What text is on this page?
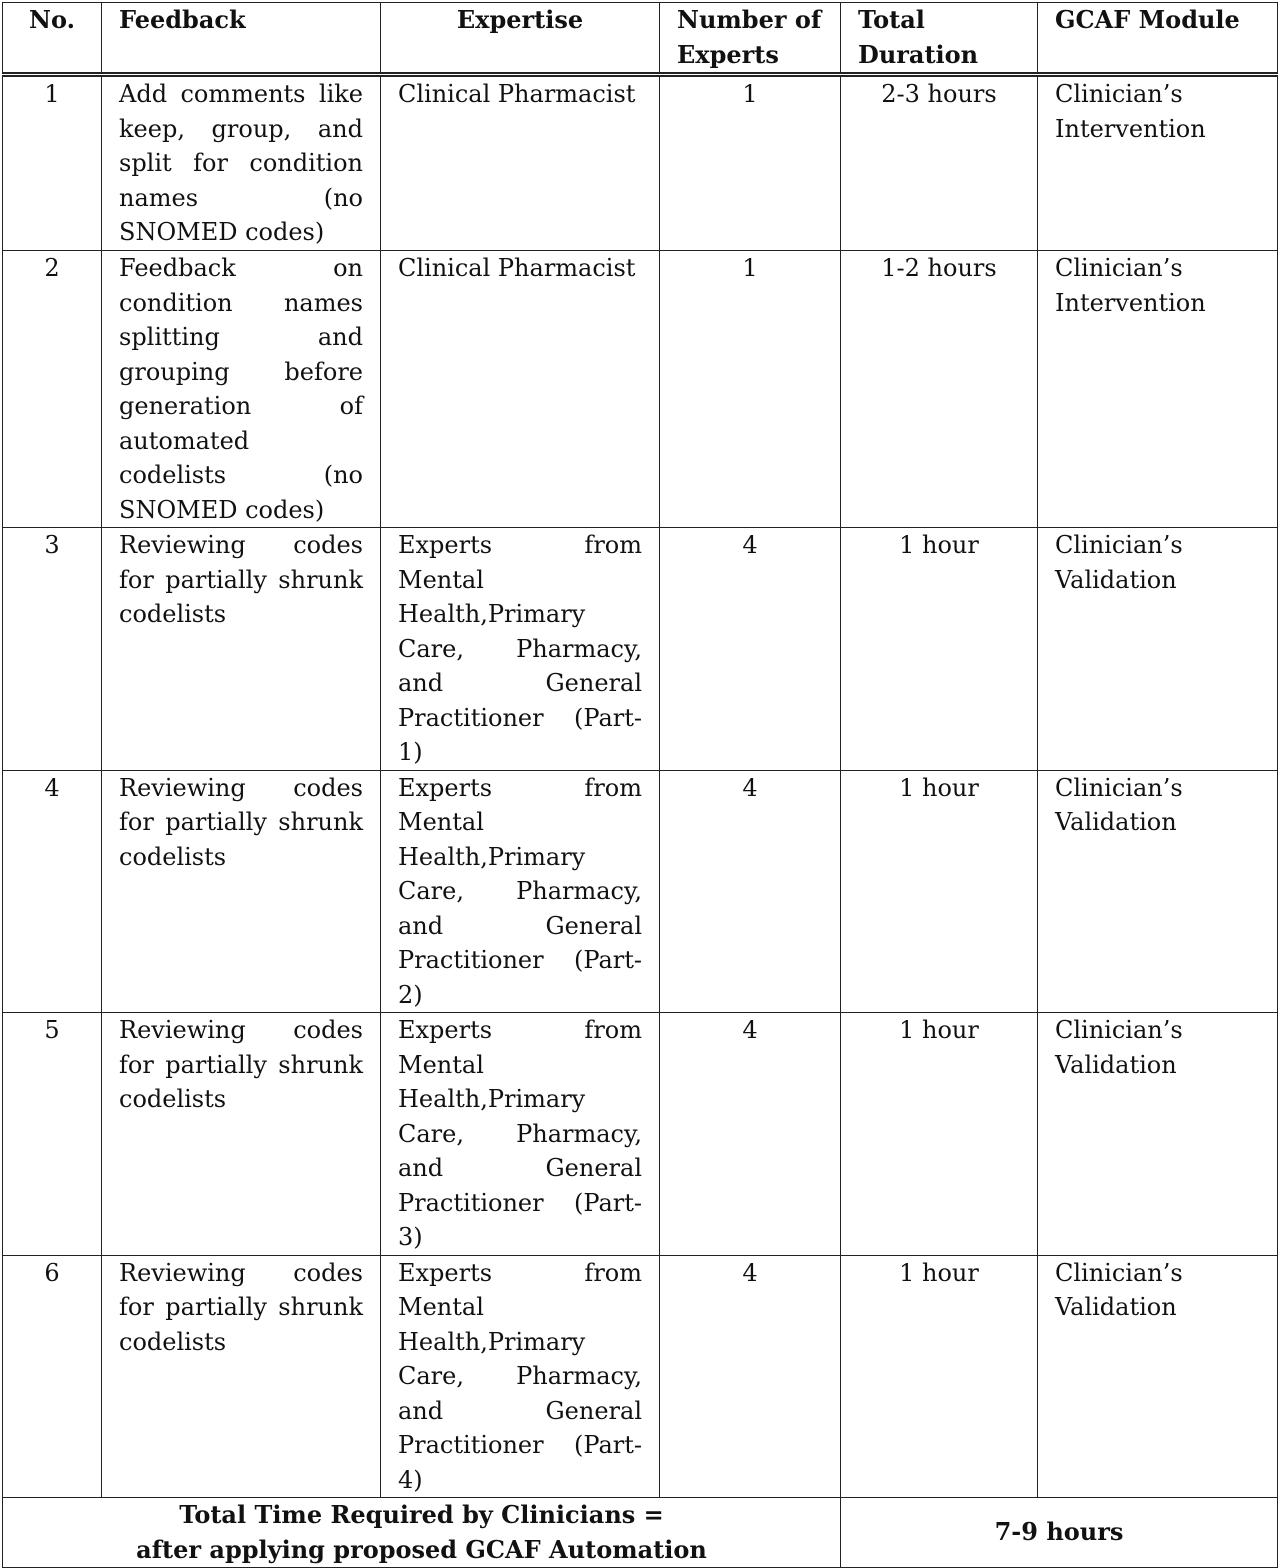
No.	Feedback	Expertise	Number of Experts	Total Duration	GCAF Module
1	Add comments like keep, group, and split for condition names (no SNOMED codes)	Clinical Pharmacist	1	2-3 hours	Clinician’s Intervention
2	Feedback on condition names splitting and grouping before generation of automated codelists (no SNOMED codes)	Clinical Pharmacist	1	1-2 hours	Clinician’s Intervention
3	Reviewing codes for partially shrunk codelists	Experts from Mental Health,Primary Care, Pharmacy, and General Practitioner (Part-1)	4	1 hour	Clinician’s Validation
4	Reviewing codes for partially shrunk codelists	Experts from Mental Health,Primary Care, Pharmacy, and General Practitioner (Part-2)	4	1 hour	Clinician’s Validation
5	Reviewing codes for partially shrunk codelists	Experts from Mental Health,Primary Care, Pharmacy, and General Practitioner (Part-3)	4	1 hour	Clinician’s Validation
6	Reviewing codes for partially shrunk codelists	Experts from Mental Health,Primary Care, Pharmacy, and General Practitioner (Part-4)	4	1 hour	Clinician’s Validation

Total Time Required by Clinicians =
after applying proposed GCAF Automation				7-9 hours	
